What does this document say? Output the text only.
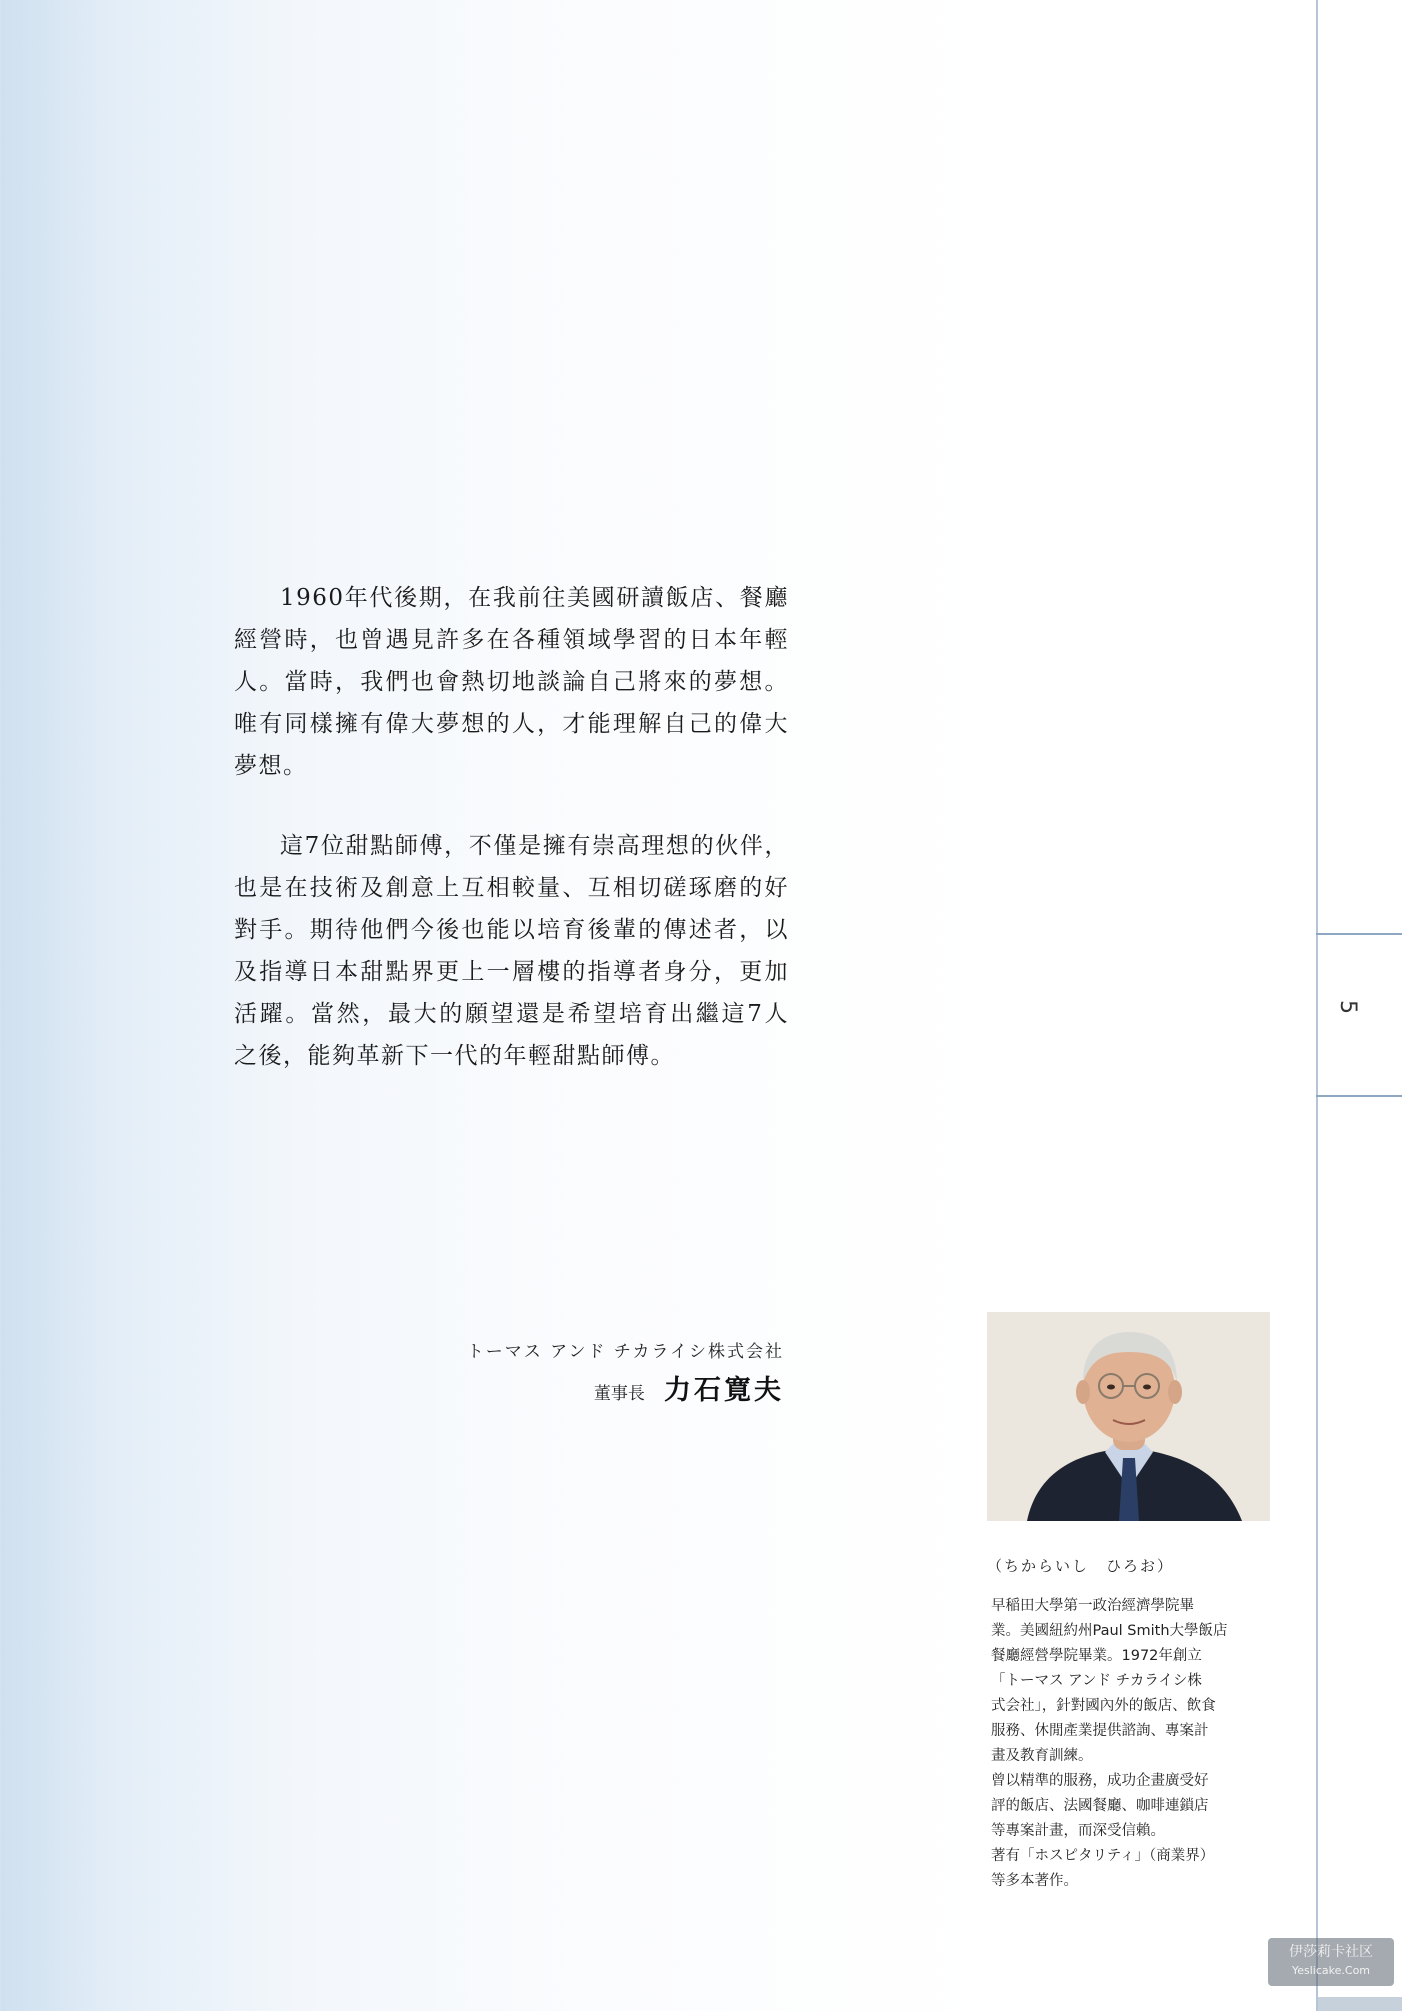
5

1960年代後期，在我前往美國研讀飯店、餐廳經營時，也曾遇見許多在各種領域學習的日本年輕人。當時，我們也會熱切地談論自己將來的夢想。唯有同樣擁有偉大夢想的人，才能理解自己的偉大夢想。

這7位甜點師傅，不僅是擁有崇高理想的伙伴，也是在技術及創意上互相較量、互相切磋琢磨的好對手。期待他們今後也能以培育後輩的傳述者，以及指導日本甜點界更上一層樓的指導者身分，更加活躍。當然，最大的願望還是希望培育出繼這7人之後，能夠革新下一代的年輕甜點師傅。

トーマス アンド チカライシ株式会社
董事長 力石寛夫
（ちからいし　ひろお）
早稲田大學第一政治經濟學院畢
業。美國紐約州Paul Smith大學飯店
餐廳經營學院畢業。1972年創立
「トーマス アンド チカライシ株
式会社」，針對國內外的飯店、飲食
服務、休閒產業提供諮詢、專案計
畫及教育訓練。
曾以精準的服務，成功企畫廣受好
評的飯店、法國餐廳、咖啡連鎖店
等專案計畫，而深受信賴。
著有「ホスピタリティ」（商業界）
等多本著作。
伊莎莉卡社区
Yeslicake.Com
